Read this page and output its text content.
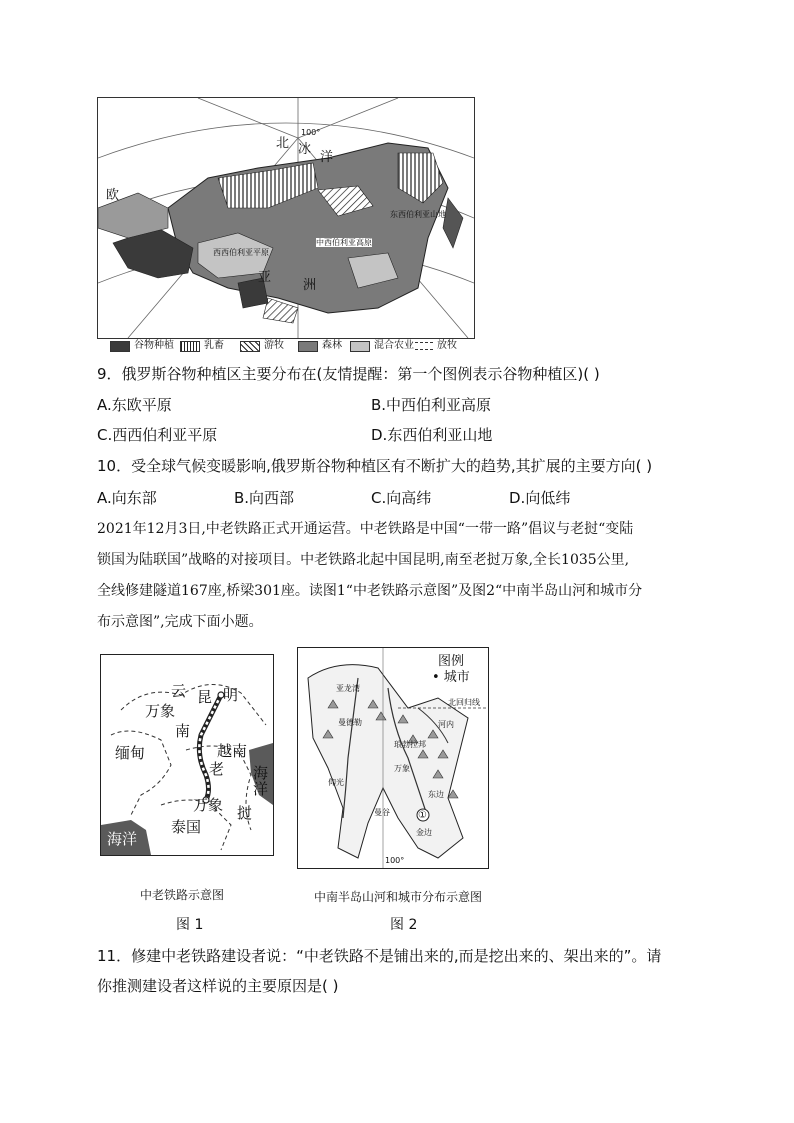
北 冰
洋
欧
亚
洲
中西伯利亚高原
西西伯利亚平原
东西伯利亚山地
100°
谷物种植	乳畜	游牧	森林	混合农业 放牧
9．俄罗斯谷物种植区主要分布在(友情提醒：第一个图例表示谷物种植区)( )
A.东欧平原	B.中西伯利亚高原
C.西西伯利亚平原	D.东西伯利亚山地
10．受全球气候变暖影响,俄罗斯谷物种植区有不断扩大的趋势,其扩展的主要方向( )
A.向东部	B.向西部	C.向高纬	D.向低纬
2021年12月3日,中老铁路正式开通运营。中老铁路是中国“一带一路”倡议与老挝“变陆
锁国为陆联国”战略的对接项目。中老铁路北起中国昆明,南至老挝万象,全长1035公里,
全线修建隧道167座,桥梁301座。读图1“中老铁路示意图”及图2“中南半岛山河和城市分
布示意图”,完成下面小题。
云 昆 明
万象
南
缅甸	越南
老 海
洋
万象 挝
泰国
海洋
中老铁路示意图
图 1
图例
• 城市
北回归线
100°
亚龙湾
曼德勒
仰光
琅勃拉邦
万象
曼谷
金边
河内
东边
①
中南半岛山河和城市分布示意图
图 2
11．修建中老铁路建设者说：“中老铁路不是铺出来的,而是挖出来的、架出来的”。请
你推测建设者这样说的主要原因是( )
